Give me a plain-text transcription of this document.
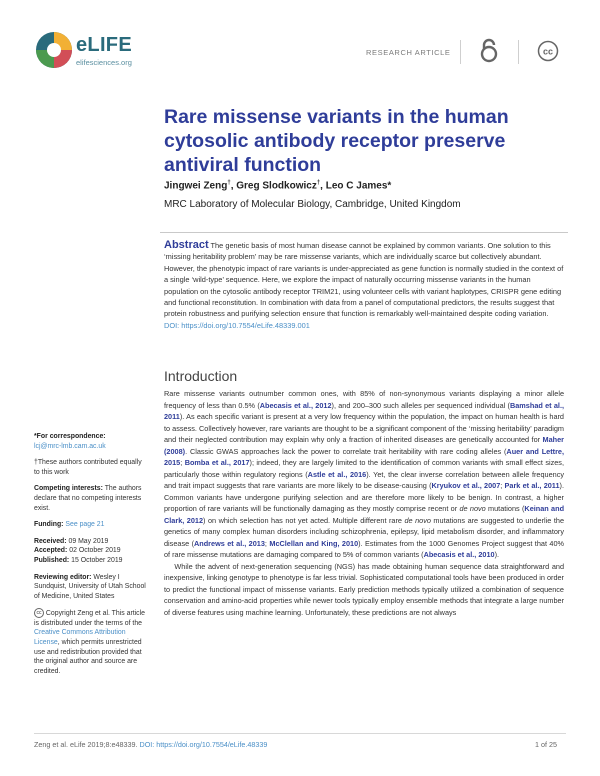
eLIFE
elifesciences.org
RESEARCH ARTICLE	cc
Rare missense variants in the human cytosolic antibody receptor preserve antiviral function
Jingwei Zeng†, Greg Slodkowicz†, Leo C James*
MRC Laboratory of Molecular Biology, Cambridge, United Kingdom
Abstract The genetic basis of most human disease cannot be explained by common variants. One solution to this ‘missing heritability problem’ may be rare missense variants, which are individually scarce but collectively abundant. However, the phenotypic impact of rare variants is under-appreciated as gene function is normally studied in the context of a single ‘wild-type’ sequence. Here, we explore the impact of naturally occurring missense variants in the human population on the cytosolic antibody receptor TRIM21, using volunteer cells with variant haplotypes, CRISPR gene editing and functional reconstitution. In combination with data from a panel of computational predictors, the results suggest that protein robustness and purifying selection ensure that function is remarkably well-maintained despite coding variation.
DOI: https://doi.org/10.7554/eLife.48339.001
Introduction
Rare missense variants outnumber common ones, with 85% of non-synonymous variants displaying a minor allele frequency of less than 0.5% (Abecasis et al., 2012), and 200–300 such alleles per sequenced individual (Bamshad et al., 2011). As each specific variant is present at a very low frequency within the population, the impact on human health is hard to assess. Collectively however, rare variants are thought to be a significant component of the ‘missing heritability’ paradigm and their neglected contribution may explain why only a fraction of inherited diseases are genetically accounted for Maher (2008). Classic GWAS approaches lack the power to correlate trait heritability with rare coding alleles (Auer and Lettre, 2015; Bomba et al., 2017); indeed, they are largely limited to the identification of common variants with small effect sizes, particularly those within regulatory regions (Astle et al., 2016). Yet, the clear inverse correlation between allele frequency and trait impact suggests that rare variants are more likely to be disease-causing (Kryukov et al., 2007; Park et al., 2011). Common variants have undergone purifying selection and are therefore more likely to be benign. In contrast, a higher proportion of rare variants will be functionally damaging as they mostly comprise recent or de novo mutations (Keinan and Clark, 2012) on which selection has not yet acted. Multiple different rare de novo mutations are suggested to underlie the genetics of many complex human disorders including schizophrenia, epilepsy, lipid metabolism disorder, and inflammatory disease (Andrews et al., 2013; McClellan and King, 2010). Estimates from the 1000 Genomes Project suggest that 40% of rare missense mutations are damaging compared to 5% of common variants (Abecasis et al., 2010).
While the advent of next-generation sequencing (NGS) has made obtaining human sequence data straightforward and inexpensive, linking genotype to phenotype is far less trivial. Sophisticated computational tools have been produced in order to predict the functional impact of missense variants. Early prediction methods typically utilized a combination of sequence conservation and amino-acid properties while newer tools typically employ ensemble methods that integrate a large number of diverse features using machine learning. Unfortunately, these predictions are not always
*For correspondence:
lcj@mrc-lmb.cam.ac.uk
†These authors contributed equally to this work
Competing interests: The authors declare that no competing interests exist.
Funding: See page 21
Received: 09 May 2019
Accepted: 02 October 2019
Published: 15 October 2019
Reviewing editor: Wesley I Sundquist, University of Utah School of Medicine, United States
cc Copyright Zeng et al. This article is distributed under the terms of the Creative Commons Attribution License, which permits unrestricted use and redistribution provided that the original author and source are credited.
Zeng et al. eLife 2019;8:e48339. DOI: https://doi.org/10.7554/eLife.48339	1 of 25
